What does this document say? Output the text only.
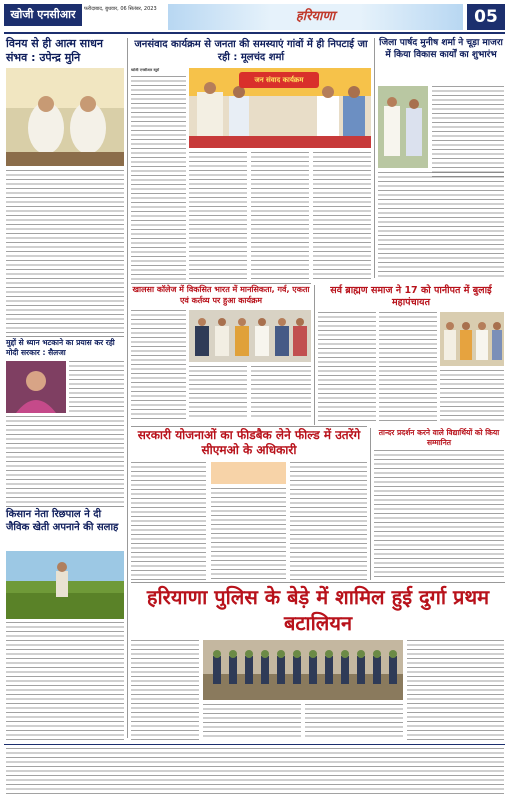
खोजी एनसीआर	फरीदाबाद, बुधवार, 06 सितंबर, 2023	हरियाणा	05
विनय से ही आत्म साधन संभव : उपेन्द्र मुनि
मुद्दों से ध्यान भटकाने का प्रयास कर रही मोदी सरकार : सैलजा
किसान नेता रिछपाल ने दी जैविक खेती अपनाने की सलाह
जनसंवाद कार्यक्रम से जनता की समस्याएं गांवों में ही निपटाई जा रही : मूलचंद शर्मा
खोजी एनसीआर ब्यूरो
जन संवाद कार्यक्रम
जिला पार्षद मुनीष शर्मा ने चूड़ा माजरा में किया विकास कार्यों का शुभारंभ
खालसा कॉलेज में विकसित भारत में मानसिकता, गर्व, एकता एवं कर्तव्य पर हुआ कार्यक्रम
सर्व ब्राह्मण समाज ने 17 को पानीपत में बुलाई महापंचायत
सरकारी योजनाओं का फीडबैक लेने फील्ड में उतरेंगे सीएमओ के अधिकारी
तान्दर प्रदर्शन करने वाले विद्यार्थियों को किया सम्मानित
हरियाणा पुलिस के बेड़े में शामिल हुई दुर्गा प्रथम बटालियन
